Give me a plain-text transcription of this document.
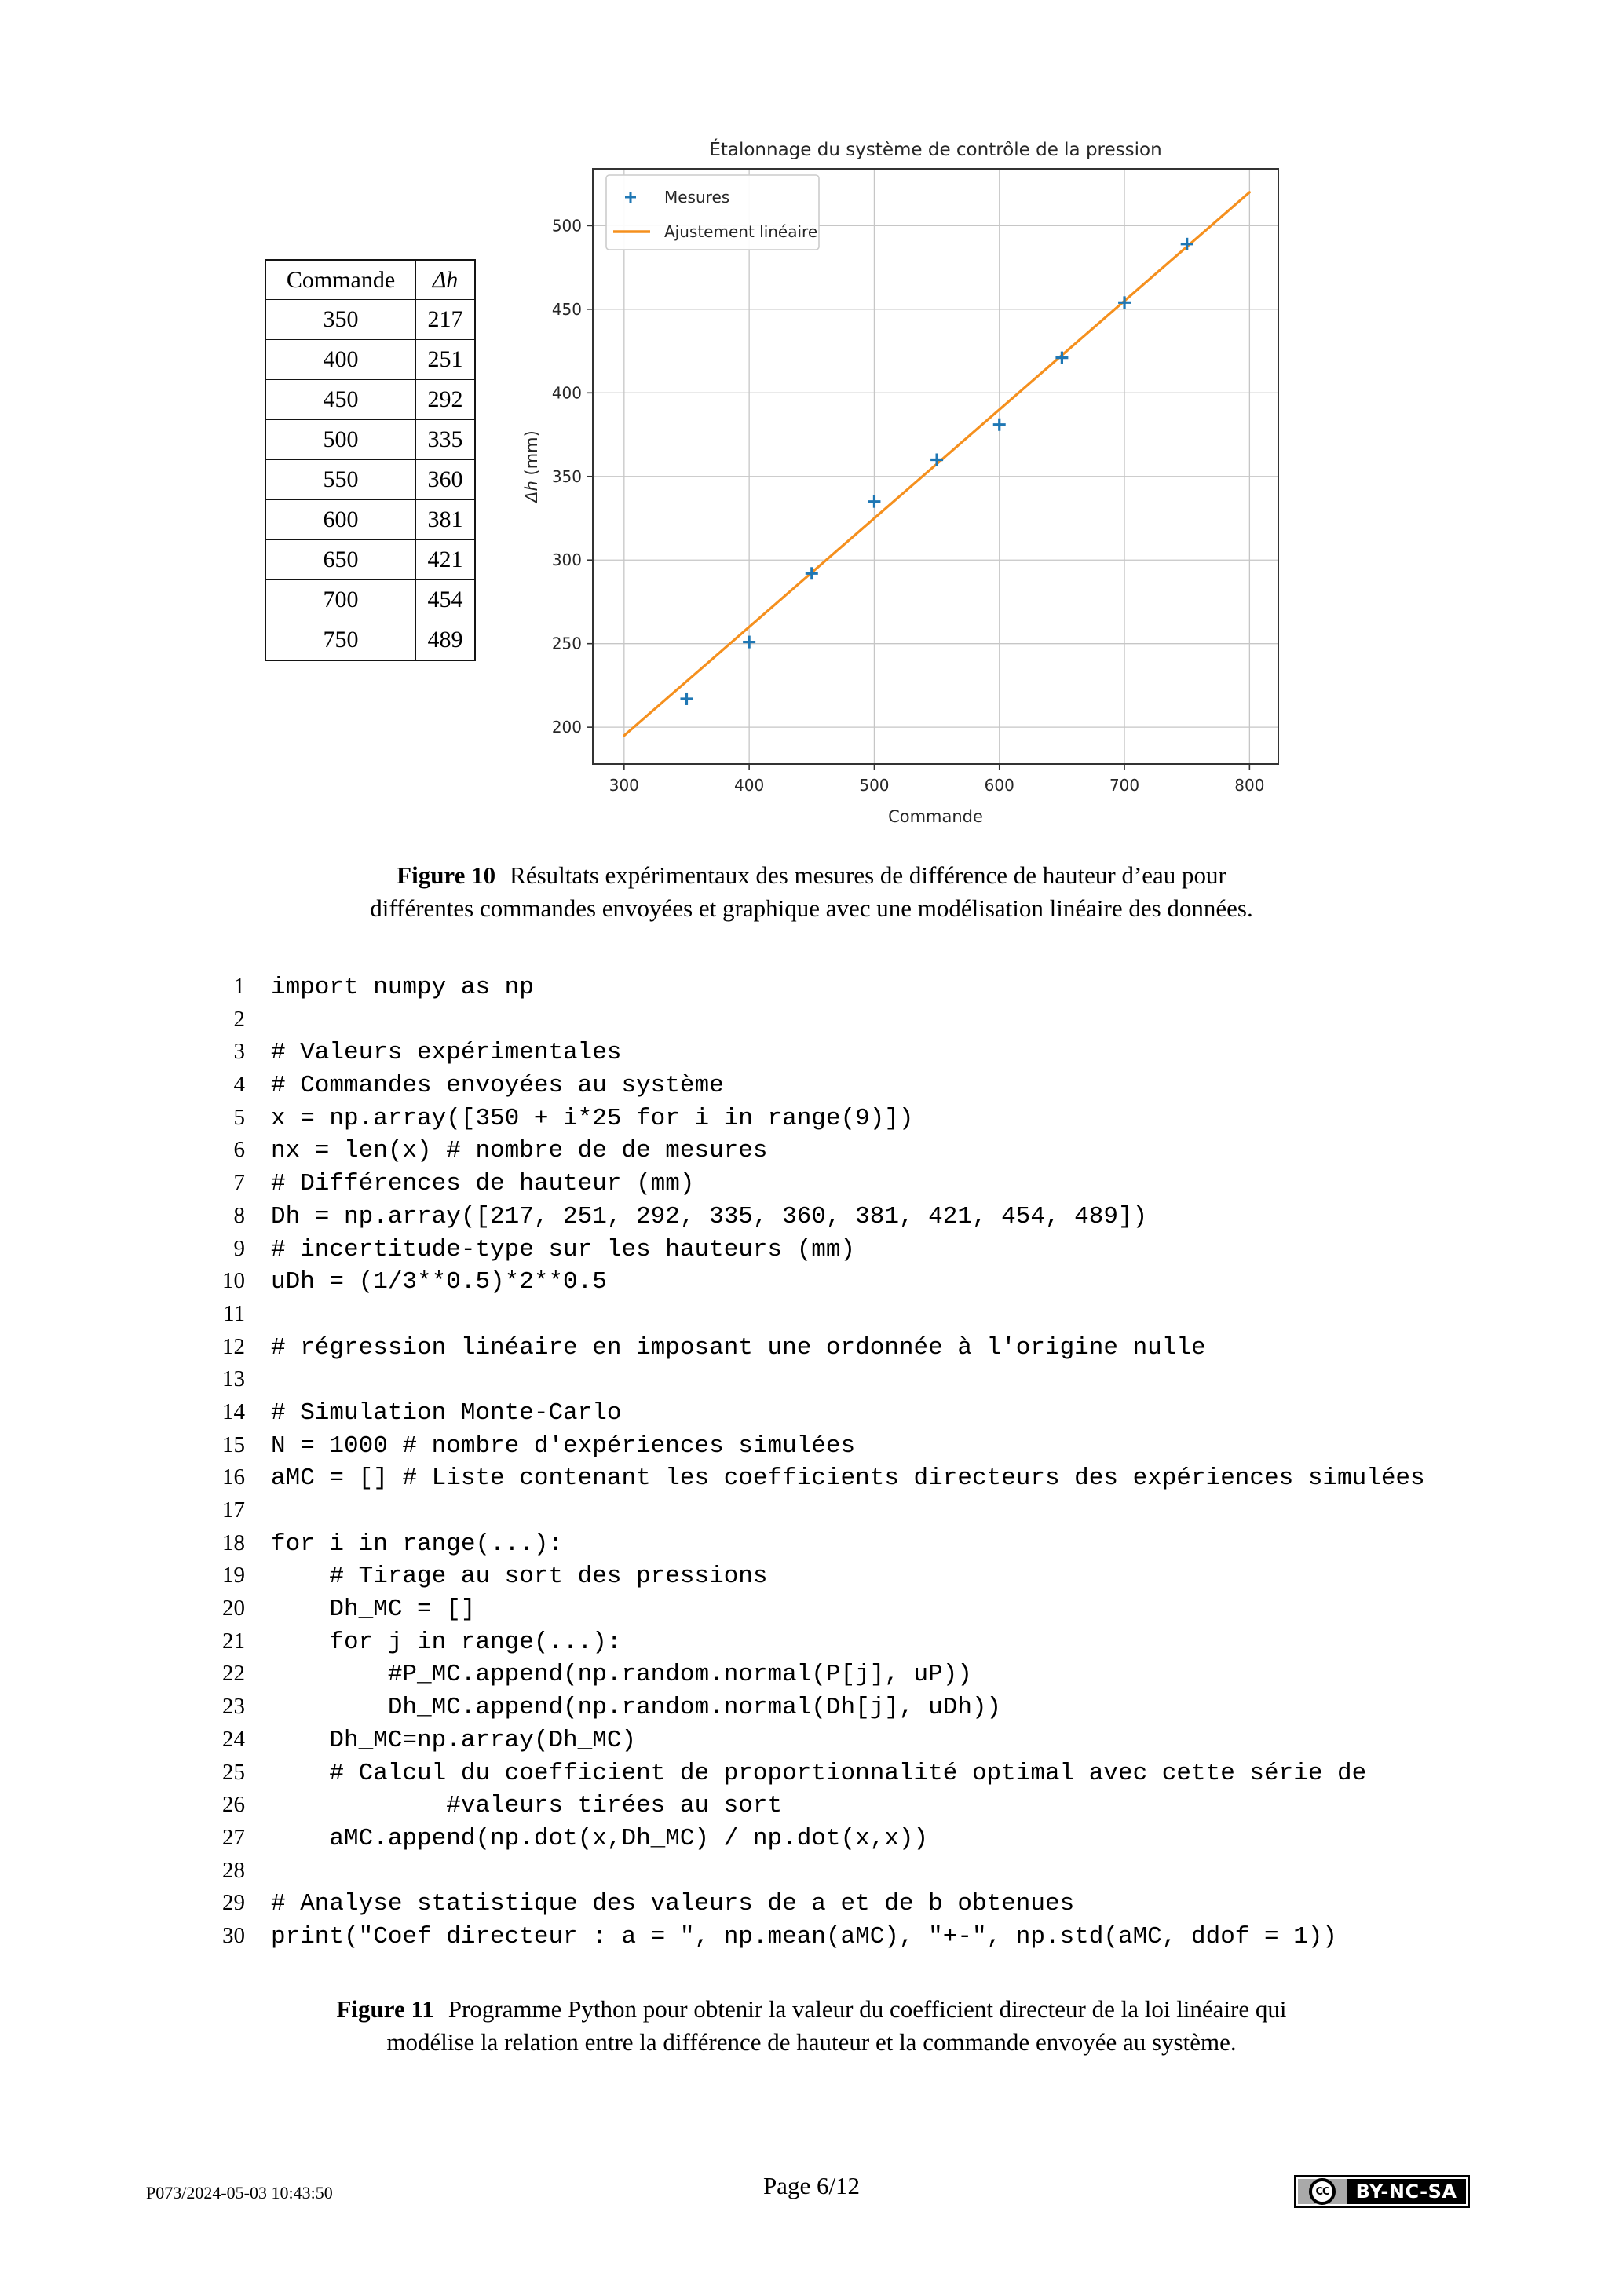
Commande	Δh
350	217
400	251
450	292
500	335
550	360
600	381
650	421
700	454
750	489
300	400	500	600	700	800
200
250
300
350
400
450
500
Étalonnage du système de contrôle de la pression
Commande
Δh (mm)
Mesures
Ajustement linéaire
Figure 10 Résultats expérimentaux des mesures de différence de hauteur d’eau pour
différentes commandes envoyées et graphique avec une modélisation linéaire des données.
1 import numpy as np
2
3 # Valeurs expérimentales
4 # Commandes envoyées au système
5 x = np.array([350 + i*25 for i in range(9)])
6 nx = len(x) # nombre de de mesures
7 # Différences de hauteur (mm)
8 Dh = np.array([217, 251, 292, 335, 360, 381, 421, 454, 489])
9 # incertitude-type sur les hauteurs (mm)
10 uDh = (1/3**0.5)*2**0.5
11
12 # régression linéaire en imposant une ordonnée à l'origine nulle
13
14 # Simulation Monte-Carlo
15 N = 1000 # nombre d'expériences simulées
16 aMC = [] # Liste contenant les coefficients directeurs des expériences simulées
17
18 for i in range(...):
19 # Tirage au sort des pressions
20 Dh_MC = []
21 for j in range(...):
22 #P_MC.append(np.random.normal(P[j], uP))
23 Dh_MC.append(np.random.normal(Dh[j], uDh))
24 Dh_MC=np.array(Dh_MC)
25 # Calcul du coefficient de proportionnalité optimal avec cette série de
26 #valeurs tirées au sort
27 aMC.append(np.dot(x,Dh_MC) / np.dot(x,x))
28
29 # Analyse statistique des valeurs de a et de b obtenues
30 print("Coef directeur : a = ", np.mean(aMC), "+-", np.std(aMC, ddof = 1))
Figure 11 Programme Python pour obtenir la valeur du coefficient directeur de la loi linéaire qui
modélise la relation entre la différence de hauteur et la commande envoyée au système.
P073/2024-05-03 10:43:50	Page 6/12	CC	BY-NC-SA
